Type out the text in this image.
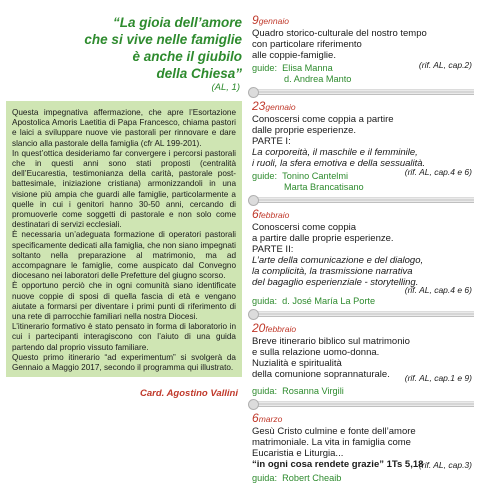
“La gioia dell’amore
che si vive nelle famiglie
è anche il giubilo
della Chiesa”
(AL, 1)

Questa impegnativa affermazione, che apre l’Esortazione Apostolica Amoris Laetitia di Papa Francesco, chiama pastori e laici a sviluppare nuove vie pastorali per rinnovare e dare slancio alla pastorale della famiglia (cfr AL 199-201).

In quest’ottica desideriamo far convergere i percorsi pastorali che in questi anni sono stati proposti (centralità dell’Eucarestia, testimonianza della carità, pastorale post-battesimale, iniziazione cristiana) armonizzandoli in una visione più ampia che guardi alle famiglie, particolarmente a quelle in cui i genitori hanno 30-50 anni, cercando di promuoverle come soggetti di pastorale e non solo come destinatari di servizi ecclesiali.

È necessaria un’adeguata formazione di operatori pastorali specificamente dedicati alla famiglia, che non siano impegnati soltanto nella preparazione al matrimonio, ma ad accompagnare le famiglie, come auspicato dal Convegno diocesano nei laboratori delle Prefetture del giugno scorso.

È opportuno perciò che in ogni comunità siano identificate nuove coppie di sposi di quella fascia di età e vengano aiutate a formarsi per diventare i primi punti di riferimento di una rete di parrocchie familiari nella nostra Diocesi.

L’itinerario formativo è stato pensato in forma di laboratorio in cui i partecipanti interagiscono con l’aiuto di una guida partendo dal proprio vissuto familiare.

Questo primo itinerario “ad experimentum” si svolgerà da Gennaio a Maggio 2017, secondo il programma qui illustrato.

Card. Agostino Vallini
9gennaio
Quadro storico-culturale del nostro tempo
con particolare riferimento
alle coppie-famiglie.
guide: Elisa Manna	(rif. AL, cap.2)
d. Andrea Manto
23gennaio
Conoscersi come coppia a partire
dalle proprie esperienze.
PARTE I:
La corporeità, il maschile e il femminile,
i ruoli, la sfera emotiva e della sessualità.
guide: Tonino Cantelmi	(rif. AL, cap.4 e 6)
Marta Brancatisano
6febbraio
Conoscersi come coppia
a partire dalle proprie esperienze.
PARTE II:
L’arte della comunicazione e del dialogo,
la complicità, la trasmissione narrativa
del bagaglio esperienziale - storytelling.
guida: d. José María La Porte
(rif. AL, cap.4 e 6)
20febbraio
Breve itinerario biblico sul matrimonio
e sulla relazione uomo-donna.
Nuzialità e spiritualità
della comunione soprannaturale.
guida: Rosanna Virgili
(rif. AL, cap.1 e 9)
6marzo
Gesù Cristo culmine e fonte dell’amore
matrimoniale. La vita in famiglia come
Eucaristia e Liturgia...
“in ogni cosa rendete grazie” 1Ts 5,18
guida: Robert Cheaib
(rif. AL, cap.3)
